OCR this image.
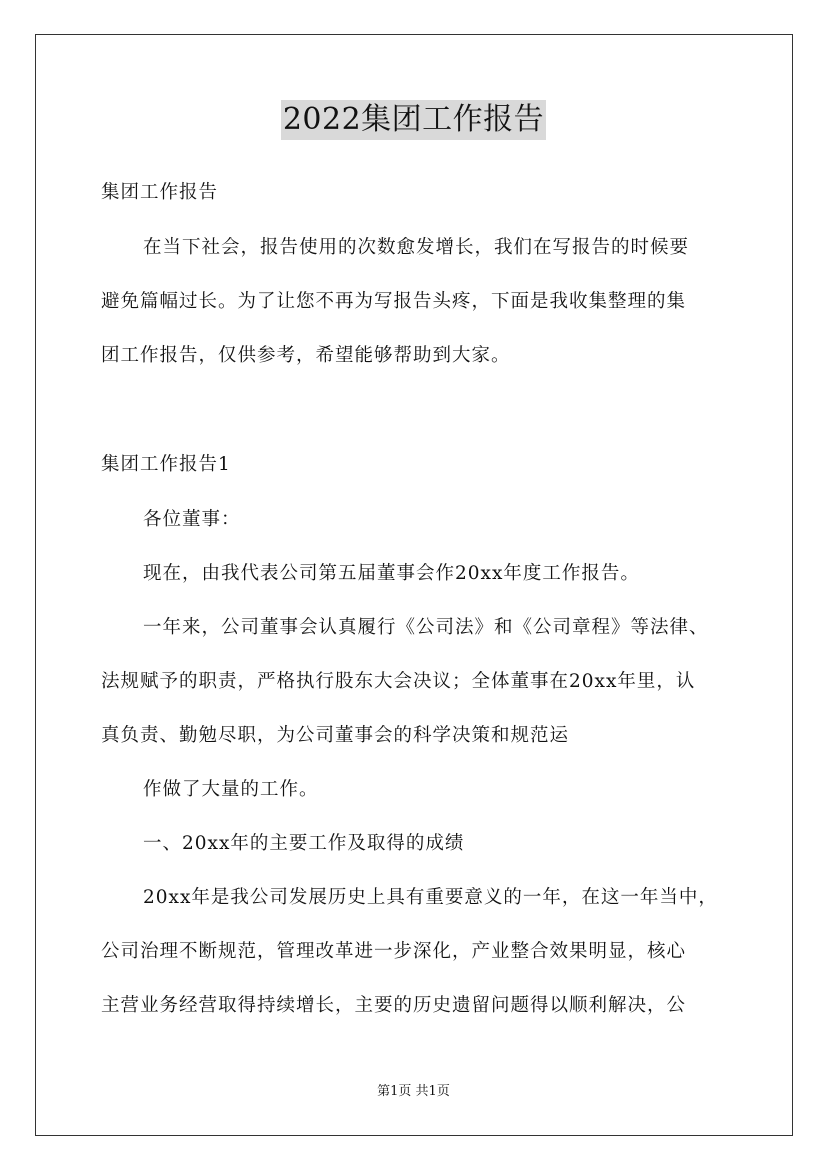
2022集团工作报告
集团工作报告
在当下社会，报告使用的次数愈发增长，我们在写报告的时候要
避免篇幅过长。为了让您不再为写报告头疼，下面是我收集整理的集
团工作报告，仅供参考，希望能够帮助到大家。
集团工作报告1
各位董事：
现在，由我代表公司第五届董事会作20xx年度工作报告。
一年来，公司董事会认真履行《公司法》和《公司章程》等法律、
法规赋予的职责，严格执行股东大会决议；全体董事在20xx年里，认
真负责、勤勉尽职，为公司董事会的科学决策和规范运
作做了大量的工作。
一、20xx年的主要工作及取得的成绩
20xx年是我公司发展历史上具有重要意义的一年，在这一年当中，
公司治理不断规范，管理改革进一步深化，产业整合效果明显，核心
主营业务经营取得持续增长，主要的历史遗留问题得以顺利解决，公
第1页 共1页
